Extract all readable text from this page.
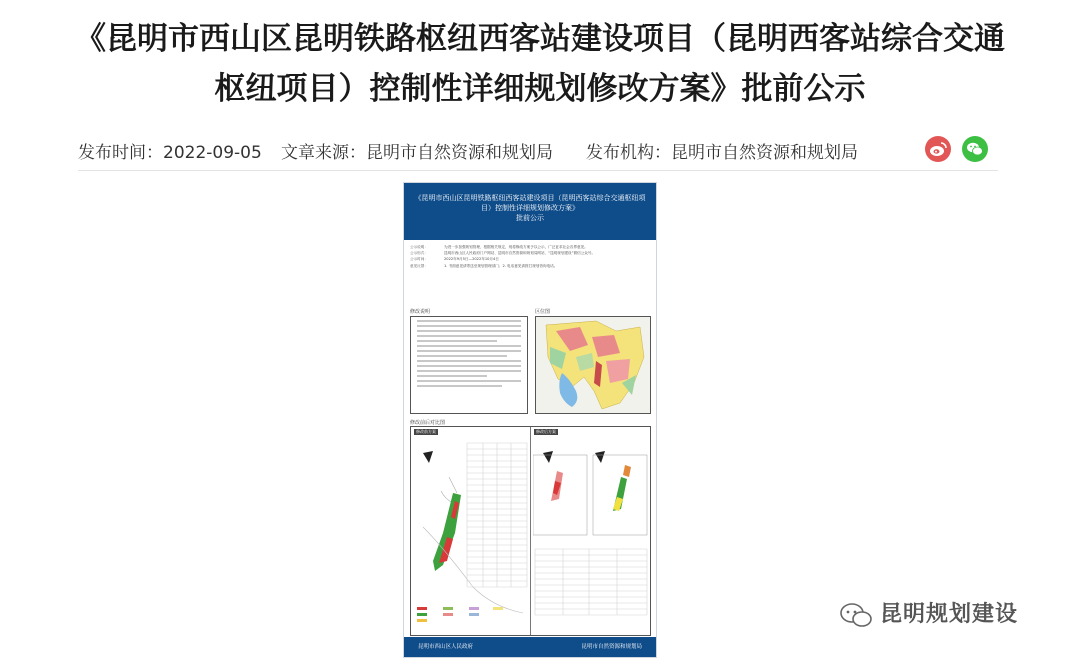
《昆明市西山区昆明铁路枢纽西客站建设项目（昆明西客站综合交通
枢纽项目）控制性详细规划修改方案》批前公示
发布时间：2022-09-05 文章来源：昆明市自然资源和规划局 发布机构：昆明市自然资源和规划局
《昆明市西山区昆明铁路枢纽西客站建设项目（昆明西客站综合交通枢纽项目）控制性详细规划修改方案》
批前公示
公示说明：	为进一步加强规划管理，根据相关规定，现将修改方案予以公示，广泛征求社会各界意见。
公示形式：	昆明市西山区人民政府门户网站、昆明市自然资源和规划局网站、“昆明规划建设”微信公众号。
公示时间：	2022年9月5日—2022年10月4日
意见反馈：	1. 书面意见请寄送至规划管理部门；2. 电话意见请拨打规划咨询电话。
修改说明	区位图
修改前后对比图
修改前方案	修改后方案
昆明市西山区人民政府	昆明市自然资源和规划局
昆明规划建设
